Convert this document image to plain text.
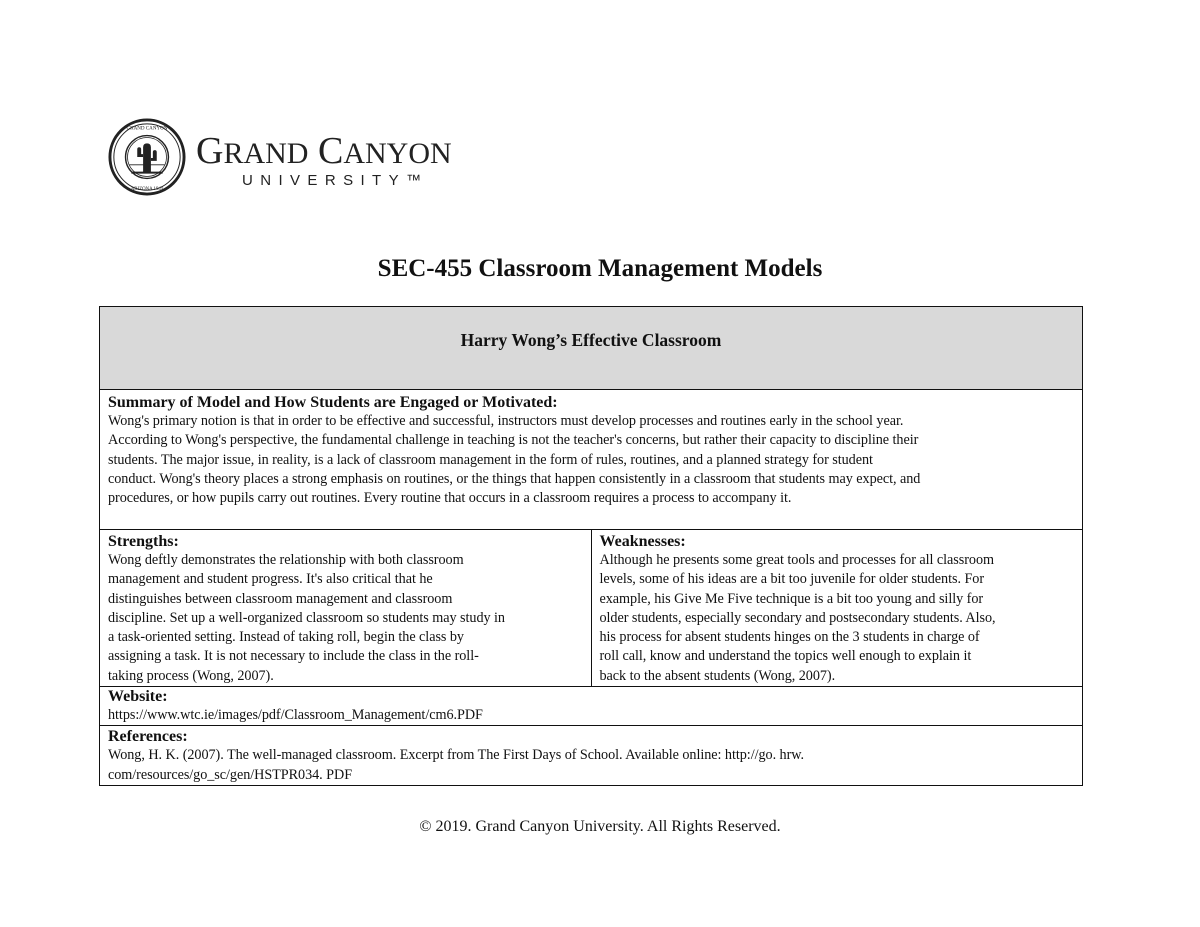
GRAND CANYON
ARIZONA 1949
GRAND CANYON
UNIVERSITY™
SEC-455 Classroom Management Models
Harry Wong’s Effective Classroom

Summary of Model and How Students are Engaged or Motivated:
Wong's primary notion is that in order to be effective and successful, instructors must develop processes and routines early in the school year.
According to Wong's perspective, the fundamental challenge in teaching is not the teacher's concerns, but rather their capacity to discipline their
students. The major issue, in reality, is a lack of classroom management in the form of rules, routines, and a planned strategy for student
conduct. Wong's theory places a strong emphasis on routines, or the things that happen consistently in a classroom that students may expect, and
procedures, or how pupils carry out routines. Every routine that occurs in a classroom requires a process to accompany it.

Strengths:
Wong deftly demonstrates the relationship with both classroom
management and student progress. It's also critical that he
distinguishes between classroom management and classroom
discipline. Set up a well-organized classroom so students may study in
a task-oriented setting. Instead of taking roll, begin the class by
assigning a task. It is not necessary to include the class in the roll-
taking process (Wong, 2007).

Weaknesses:
Although he presents some great tools and processes for all classroom
levels, some of his ideas are a bit too juvenile for older students. For
example, his Give Me Five technique is a bit too young and silly for
older students, especially secondary and postsecondary students. Also,
his process for absent students hinges on the 3 students in charge of
roll call, know and understand the topics well enough to explain it
back to the absent students (Wong, 2007).

Website:
https://www.wtc.ie/images/pdf/Classroom_Management/cm6.PDF

References:
Wong, H. K. (2007). The well-managed classroom. Excerpt from The First Days of School. Available online: http://go. hrw.
com/resources/go_sc/gen/HSTPR034. PDF
© 2019. Grand Canyon University. All Rights Reserved.
